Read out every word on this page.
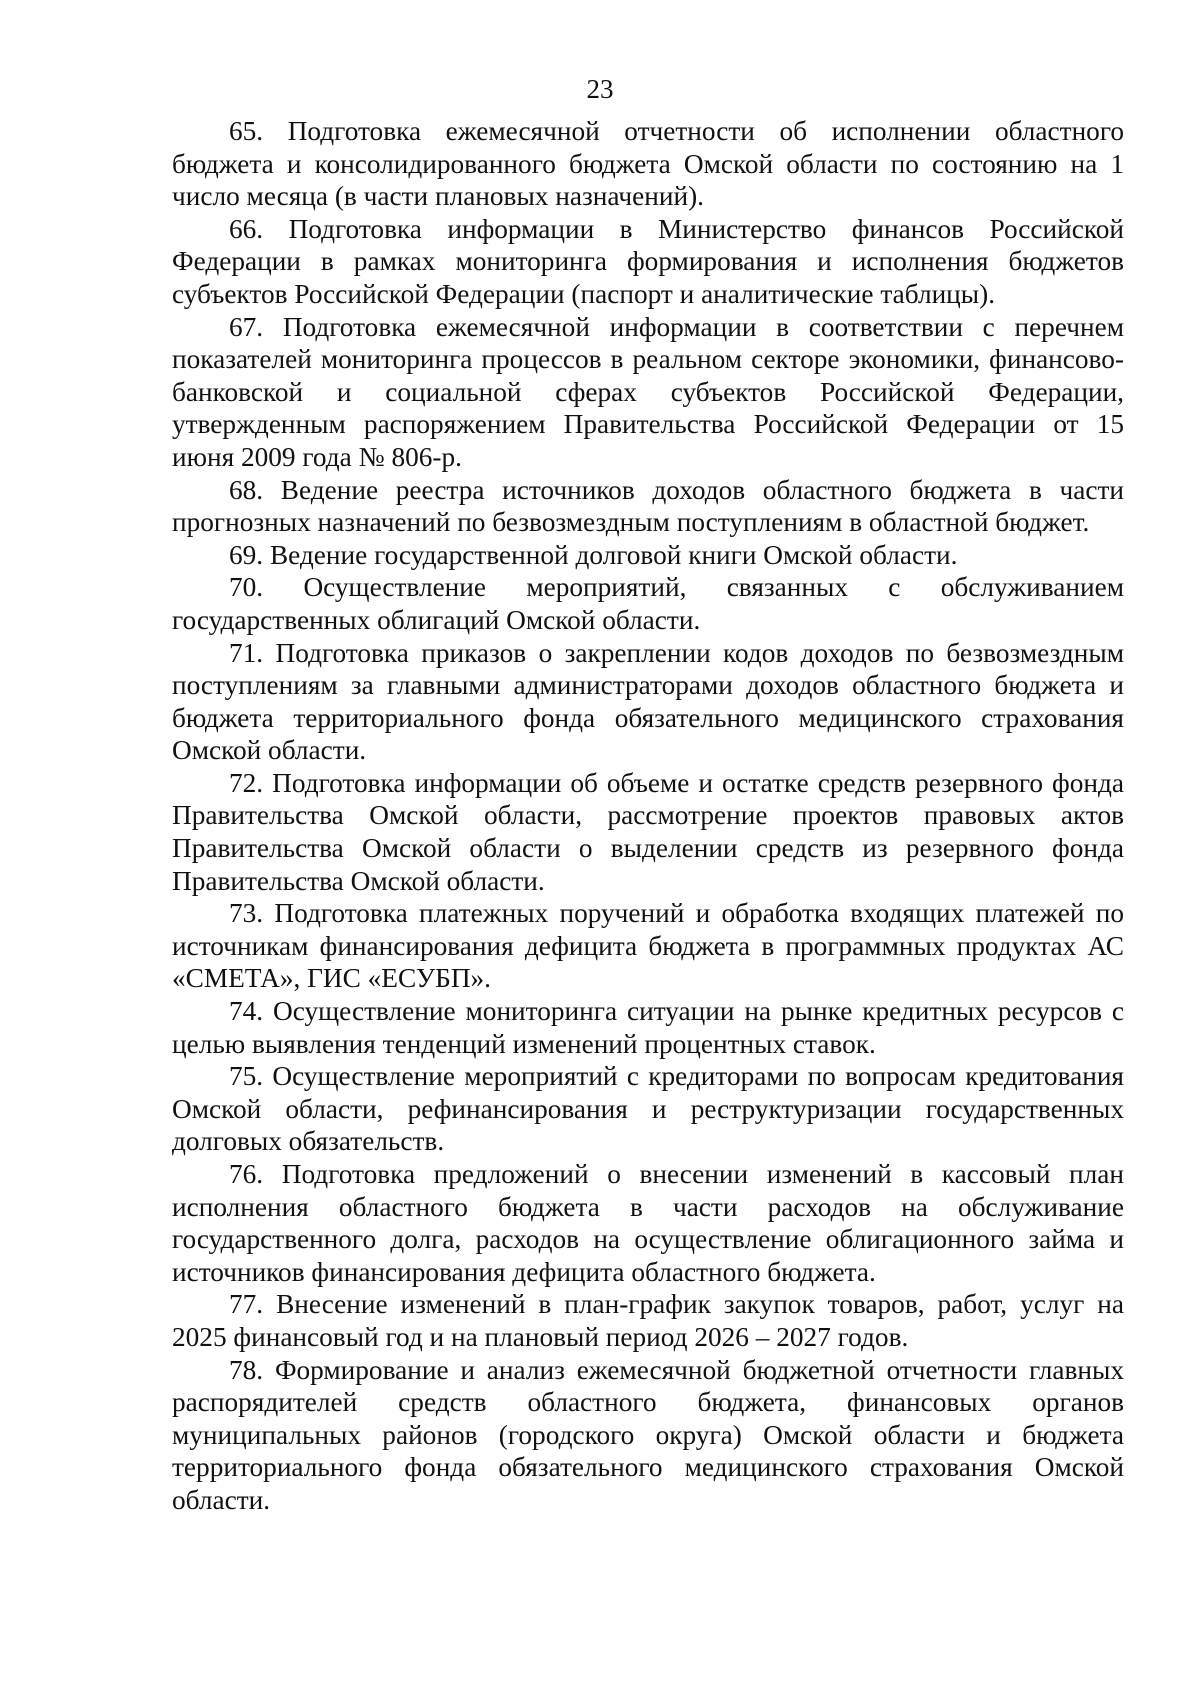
23

65. Подготовка ежемесячной отчетности об исполнении областного бюджета и консолидированного бюджета Омской области по состоянию на 1 число месяца (в части плановых назначений).

66. Подготовка информации в Министерство финансов Российской Федерации в рамках мониторинга формирования и исполнения бюджетов субъектов Российской Федерации (паспорт и аналитические таблицы).

67. Подготовка ежемесячной информации в соответствии с перечнем показателей мониторинга процессов в реальном секторе экономики, финансово-банковской и социальной сферах субъектов Российской Федерации, утвержденным распоряжением Правительства Российской Федерации от 15 июня 2009 года № 806-р.

68. Ведение реестра источников доходов областного бюджета в части прогнозных назначений по безвозмездным поступлениям в областной бюджет.

69. Ведение государственной долговой книги Омской области.

70. Осуществление мероприятий, связанных с обслуживанием государственных облигаций Омской области.

71. Подготовка приказов о закреплении кодов доходов по безвозмездным поступлениям за главными администраторами доходов областного бюджета и бюджета территориального фонда обязательного медицинского страхования Омской области.

72. Подготовка информации об объеме и остатке средств резервного фонда Правительства Омской области, рассмотрение проектов правовых актов Правительства Омской области о выделении средств из резервного фонда Правительства Омской области.

73. Подготовка платежных поручений и обработка входящих платежей по источникам финансирования дефицита бюджета в программных продуктах АС «СМЕТА», ГИС «ЕСУБП».

74. Осуществление мониторинга ситуации на рынке кредитных ресурсов с целью выявления тенденций изменений процентных ставок.

75. Осуществление мероприятий с кредиторами по вопросам кредитования Омской области, рефинансирования и реструктуризации государственных долговых обязательств.

76. Подготовка предложений о внесении изменений в кассовый план исполнения областного бюджета в части расходов на обслуживание государственного долга, расходов на осуществление облигационного займа и источников финансирования дефицита областного бюджета.

77. Внесение изменений в план-график закупок товаров, работ, услуг на 2025 финансовый год и на плановый период 2026 – 2027 годов.

78. Формирование и анализ ежемесячной бюджетной отчетности главных распорядителей средств областного бюджета, финансовых органов муниципальных районов (городского округа) Омской области и бюджета территориального фонда обязательного медицинского страхования Омской области.
